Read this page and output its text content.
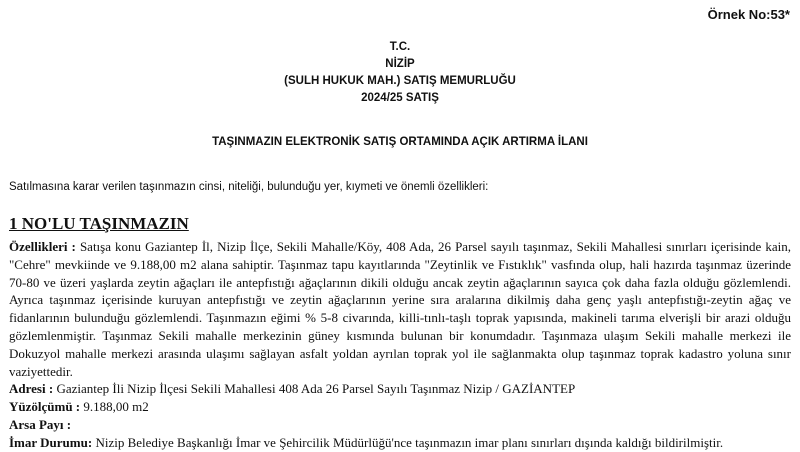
Örnek No:53*
T.C.
NİZİP
(SULH HUKUK MAH.) SATIŞ MEMURLUĞU
2024/25 SATIŞ
TAŞINMAZIN ELEKTRONİK SATIŞ ORTAMINDA AÇIK ARTIRMA İLANI
Satılmasına karar verilen taşınmazın cinsi, niteliği, bulunduğu yer, kıymeti ve önemli özellikleri:
1 NO'LU TAŞINMAZIN

Özellikleri : Satışa konu Gaziantep İl, Nizip İlçe, Sekili Mahalle/Köy, 408 Ada, 26 Parsel sayılı taşınmaz, Sekili Mahallesi sınırları içerisinde kain, "Cehre" mevkiinde ve 9.188,00 m2 alana sahiptir. Taşınmaz tapu kayıtlarında "Zeytinlik ve Fıstıklık" vasfında olup, hali hazırda taşınmaz üzerinde 70-80 ve üzeri yaşlarda zeytin ağaçları ile antepfıstığı ağaçlarının dikili olduğu ancak zeytin ağaçlarının sayıca çok daha fazla olduğu gözlemlendi. Ayrıca taşınmaz içerisinde kuruyan antepfıstığı ve zeytin ağaçlarının yerine sıra aralarına dikilmiş daha genç yaşlı antepfıstığı-zeytin ağaç ve fidanlarının bulunduğu gözlemlendi. Taşınmazın eğimi % 5-8 civarında, killi-tınlı-taşlı toprak yapısında, makineli tarıma elverişli bir arazi olduğu gözlemlenmiştir. Taşınmaz Sekili mahalle merkezinin güney kısmında bulunan bir konumdadır. Taşınmaza ulaşım Sekili mahalle merkezi ile Dokuzyol mahalle merkezi arasında ulaşımı sağlayan asfalt yoldan ayrılan toprak yol ile sağlanmakta olup taşınmaz toprak kadastro yoluna sınır vaziyettedir.

Adresi : Gaziantep İli Nizip İlçesi Sekili Mahallesi 408 Ada 26 Parsel Sayılı Taşınmaz Nizip / GAZİANTEP

Yüzölçümü : 9.188,00 m2

Arsa Payı :

İmar Durumu: Nizip Belediye Başkanlığı İmar ve Şehircilik Müdürlüğü'nce taşınmazın imar planı sınırları dışında kaldığı bildirilmiştir.
